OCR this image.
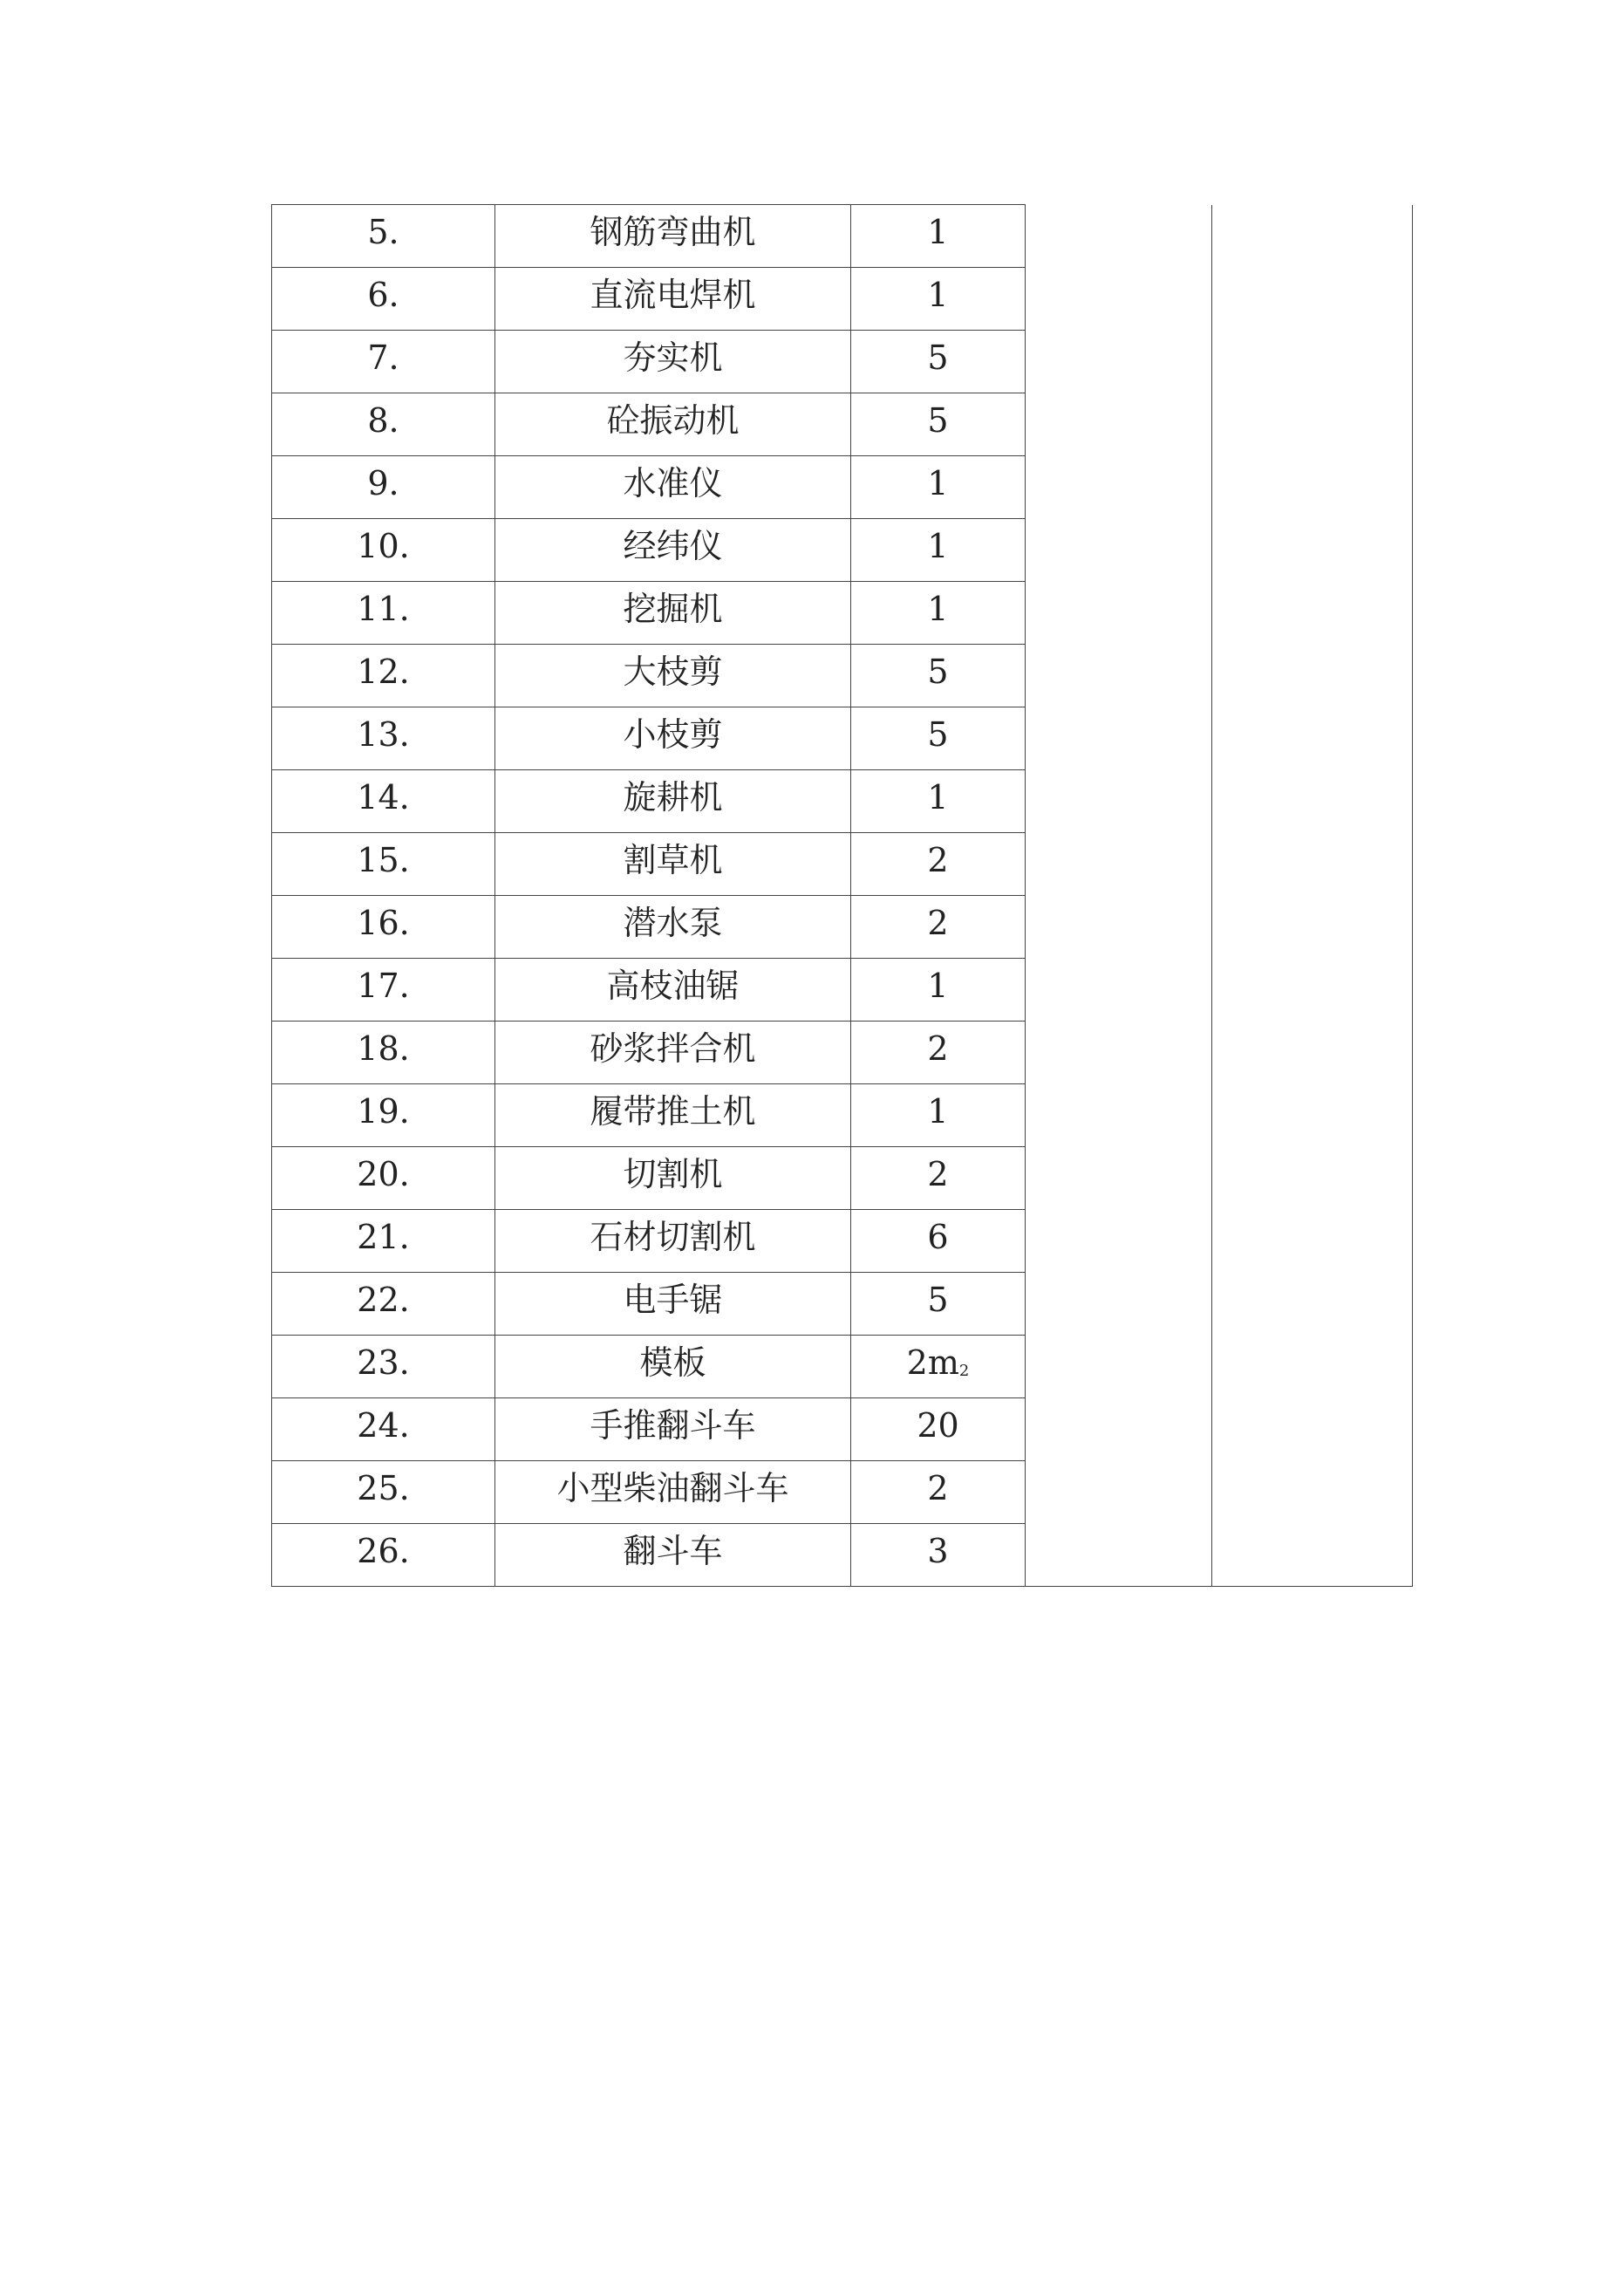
5.	钢筋弯曲机	1		
6.	直流电焊机	1		
7.	夯实机	5		
8.	砼振动机	5		
9.	水准仪	1		
10.	经纬仪	1		
11.	挖掘机	1		
12.	大枝剪	5		
13.	小枝剪	5		
14.	旋耕机	1		
15.	割草机	2		
16.	潜水泵	2		
17.	高枝油锯	1		
18.	砂浆拌合机	2		
19.	履带推土机	1		
20.	切割机	2		
21.	石材切割机	6		
22.	电手锯	5		
23.	模板	$2m_2$		
24.	手推翻斗车	20		
25.	小型柴油翻斗车	2		
26.	翻斗车	3		
